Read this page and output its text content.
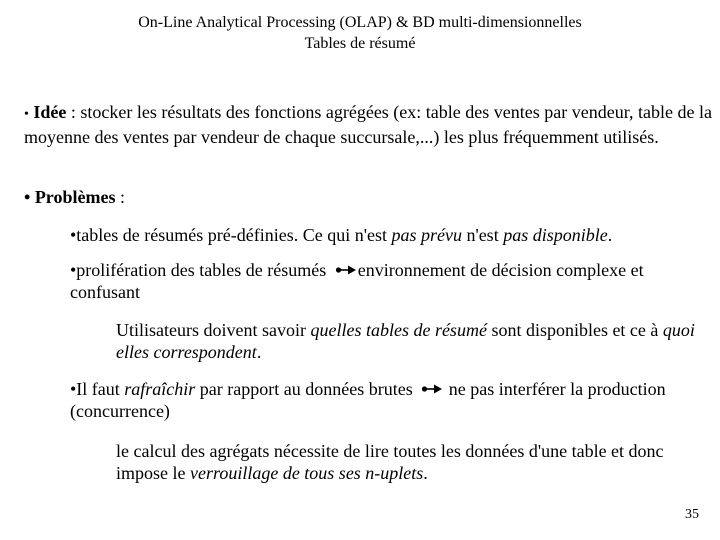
On-Line Analytical Processing (OLAP) & BD multi-dimensionnelles
Tables de résumé
• Idée : stocker les résultats des fonctions agrégées (ex: table des ventes par vendeur, table de la moyenne des ventes par vendeur de chaque succursale,...) les plus fréquemment utilisés.
• Problèmes :
•tables de résumés pré-définies. Ce qui n'est pas prévu n'est pas disponible.
•prolifération des tables de résumés environnement de décision complexe et confusant
Utilisateurs doivent savoir quelles tables de résumé sont disponibles et ce à quoi elles correspondent.
•Il faut rafraîchir par rapport au données brutes  ne pas interférer la production (concurrence)
le calcul des agrégats nécessite de lire toutes les données d'une table et donc impose le verrouillage de tous ses n-uplets.
35
